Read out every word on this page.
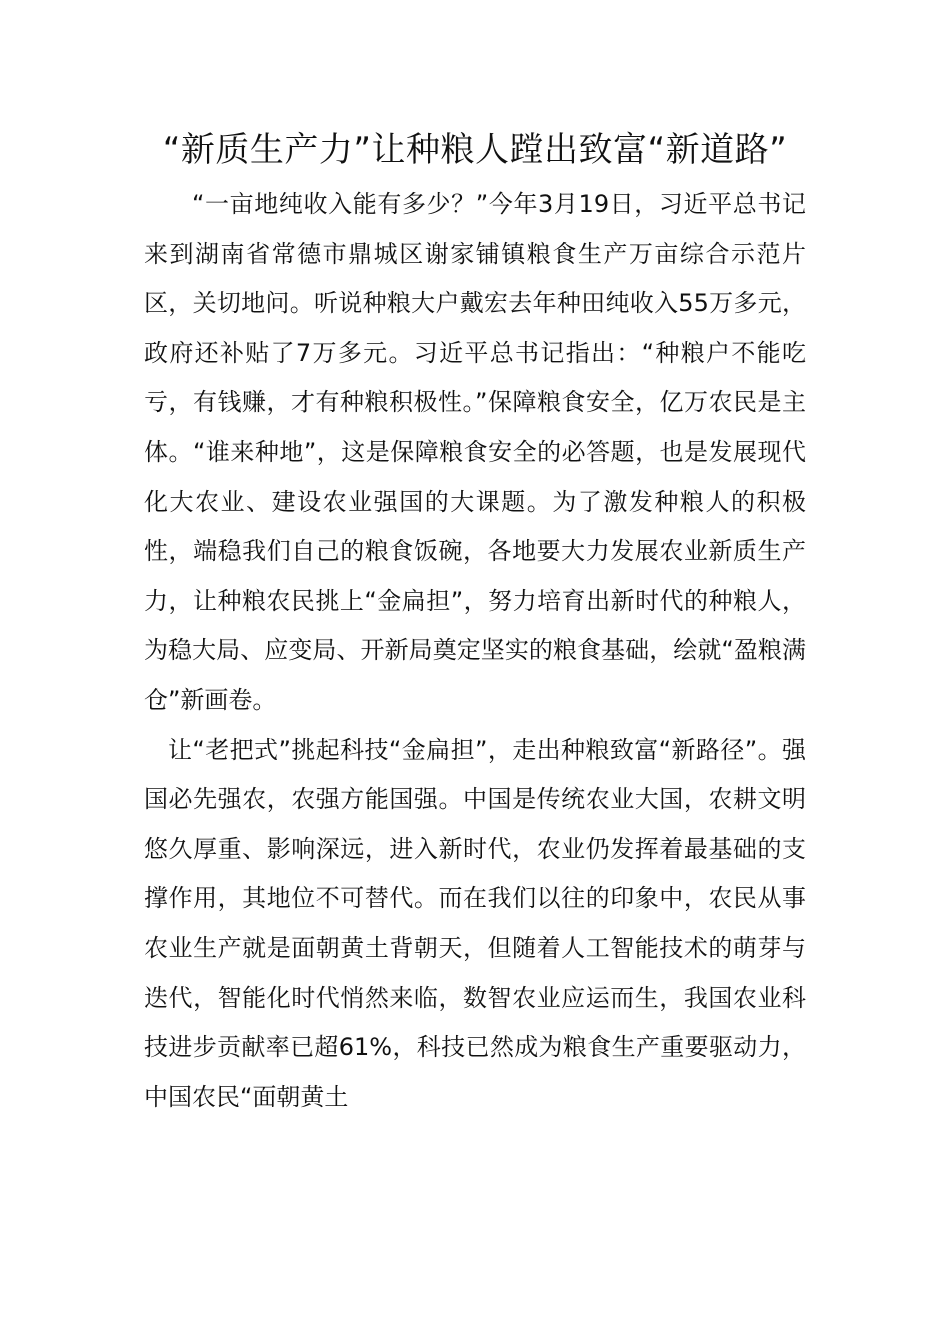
“新质生产力”让种粮人蹚出致富“新道路”

“一亩地纯收入能有多少？”今年3月19日，习近平总书记来到湖南省常德市鼎城区谢家铺镇粮食生产万亩综合示范片区，关切地问。听说种粮大户戴宏去年种田纯收入55万多元，政府还补贴了7万多元。习近平总书记指出：“种粮户不能吃亏，有钱赚，才有种粮积极性。”保障粮食安全，亿万农民是主体。“谁来种地”，这是保障粮食安全的必答题，也是发展现代化大农业、建设农业强国的大课题。为了激发种粮人的积极性，端稳我们自己的粮食饭碗，各地要大力发展农业新质生产力，让种粮农民挑上“金扁担”，努力培育出新时代的种粮人，为稳大局、应变局、开新局奠定坚实的粮食基础，绘就“盈粮满仓”新画卷。

让“老把式”挑起科技“金扁担”，走出种粮致富“新路径”。强国必先强农，农强方能国强。中国是传统农业大国，农耕文明悠久厚重、影响深远，进入新时代，农业仍发挥着最基础的支撑作用，其地位不可替代。而在我们以往的印象中，农民从事农业生产就是面朝黄土背朝天，但随着人工智能技术的萌芽与迭代，智能化时代悄然来临，数智农业应运而生，我国农业科技进步贡献率已超61%，科技已然成为粮食生产重要驱动力，中国农民“面朝黄土
